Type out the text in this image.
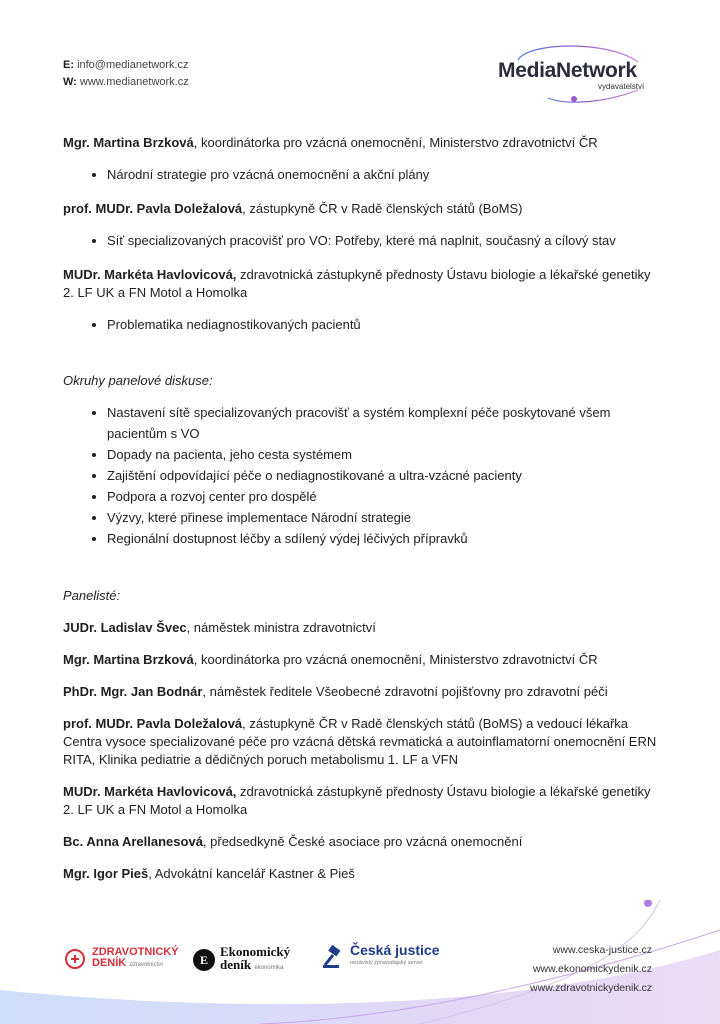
E: info@medianetwork.cz
W: www.medianetwork.cz	MediaNetwork
vydavatelství

Mgr. Martina Brzková, koordinátorka pro vzácná onemocnění, Ministerstvo zdravotnictví ČR

• Národní strategie pro vzácná onemocnění a akční plány

prof. MUDr. Pavla Doležalová, zástupkyně ČR v Radě členských států (BoMS)

• Síť specializovaných pracovišť pro VO: Potřeby, které má naplnit, současný a cílový stav

MUDr. Markéta Havlovicová, zdravotnická zástupkyně přednosty Ústavu biologie a lékařské genetiky 2. LF UK a FN Motol a Homolka

• Problematika nediagnostikovaných pacientů

Okruhy panelové diskuse:

• Nastavení sítě specializovaných pracovišť a systém komplexní péče poskytované všem pacientům s VO
• Dopady na pacienta, jeho cesta systémem
• Zajištění odpovídající péče o nediagnostikované a ultra-vzácné pacienty
• Podpora a rozvoj center pro dospělé
• Výzvy, které přinese implementace Národní strategie
• Regionální dostupnost léčby a sdílený výdej léčivých přípravků

Panelisté:

JUDr. Ladislav Švec, náměstek ministra zdravotnictví

Mgr. Martina Brzková, koordinátorka pro vzácná onemocnění, Ministerstvo zdravotnictví ČR

PhDr. Mgr. Jan Bodnár, náměstek ředitele Všeobecné zdravotní pojišťovny pro zdravotní péči

prof. MUDr. Pavla Doležalová, zástupkyně ČR v Radě členských států (BoMS) a vedoucí lékařka Centra vysoce specializované péče pro vzácná dětská revmatická a autoinflamatorní onemocnění ERN RITA, Klinika pediatrie a dědičných poruch metabolismu 1. LF a VFN

MUDr. Markéta Havlovicová, zdravotnická zástupkyně přednosty Ústavu biologie a lékařské genetiky 2. LF UK a FN Motol a Homolka

Bc. Anna Arellanesová, předsedkyně České asociace pro vzácná onemocnění

Mgr. Igor Pieš, Advokátní kancelář Kastner & Pieš

ZDRAVOTNICKÝ
DENÍK zdravotnictví	E
Ekonomický
deník ekonomika
Česká justice
nezávislý zpravodajský server
www.ceska-justice.cz
www.ekonomickydenik.cz
www.zdravotnickydenik.cz
